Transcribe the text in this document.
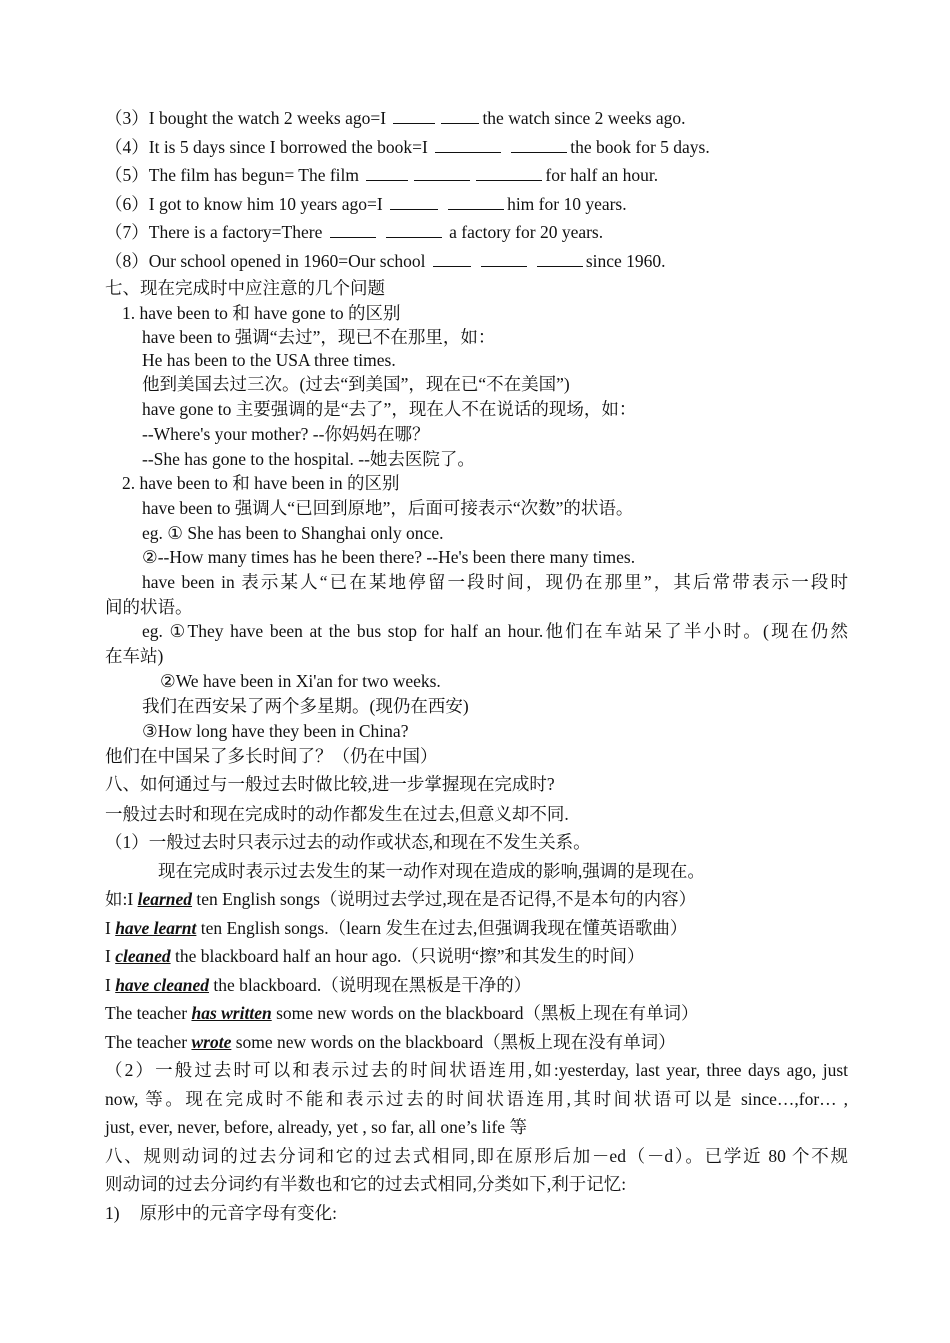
（3）I bought the watch 2 weeks ago=I	the watch since 2 weeks ago.
（4）It is 5 days since I borrowed the book=I	the book for 5 days.
（5）The film has begun= The film	for half an hour.
（6）I got to know him 10 years ago=I	him for 10 years.
（7）There is a factory=There	a factory for 20 years.
（8）Our school opened in 1960=Our school	since 1960.
七、现在完成时中应注意的几个问题
1. have been to 和 have gone to 的区别
have been to 强调“去过”，现已不在那里，如：
He has been to the USA three times.
他到美国去过三次。(过去“到美国”，现在已“不在美国”)
have gone to 主要强调的是“去了”，现在人不在说话的现场，如：
--Where's your mother? --你妈妈在哪？
--She has gone to the hospital. --她去医院了。
2. have been to 和 have been in 的区别
have been to 强调人“已回到原地”，后面可接表示“次数”的状语。
eg. ① She has been to Shanghai only once.
②--How many times has he been there? --He's been there many times.
have been in 表示某人“已在某地停留一段时间，现仍在那里”，其后常带表示一段时
间的状语。
eg. ①They have been at the bus stop for half an hour.他们在车站呆了半小时。(现在仍然
在车站)
②We have been in Xi'an for two weeks.
我们在西安呆了两个多星期。(现仍在西安)
③How long have they been in China?
他们在中国呆了多长时间了？（仍在中国）
八、如何通过与一般过去时做比较,进一步掌握现在完成时?
一般过去时和现在完成时的动作都发生在过去,但意义却不同.
（1）一般过去时只表示过去的动作或状态,和现在不发生关系。
现在完成时表示过去发生的某一动作对现在造成的影响,强调的是现在。
如:I learned ten English songs（说明过去学过,现在是否记得,不是本句的内容）
I have learnt ten English songs.（learn 发生在过去,但强调我现在懂英语歌曲）
I cleaned the blackboard half an hour ago.（只说明“擦”和其发生的时间）
I have cleaned the blackboard.（说明现在黑板是干净的）
The teacher has written some new words on the blackboard（黑板上现在有单词）
The teacher wrote some new words on the blackboard（黑板上现在没有单词）
（2）一般过去时可以和表示过去的时间状语连用,如:yesterday, last year, three days ago, just
now, 等。现在完成时不能和表示过去的时间状语连用,其时间状语可以是 since…,for… ,
just, ever, never, before, already, yet , so far, all one’s life 等
八、规则动词的过去分词和它的过去式相同,即在原形后加－ed（－d）。已学近 80 个不规
则动词的过去分词约有半数也和它的过去式相同,分类如下,利于记忆:
1) 原形中的元音字母有变化:
